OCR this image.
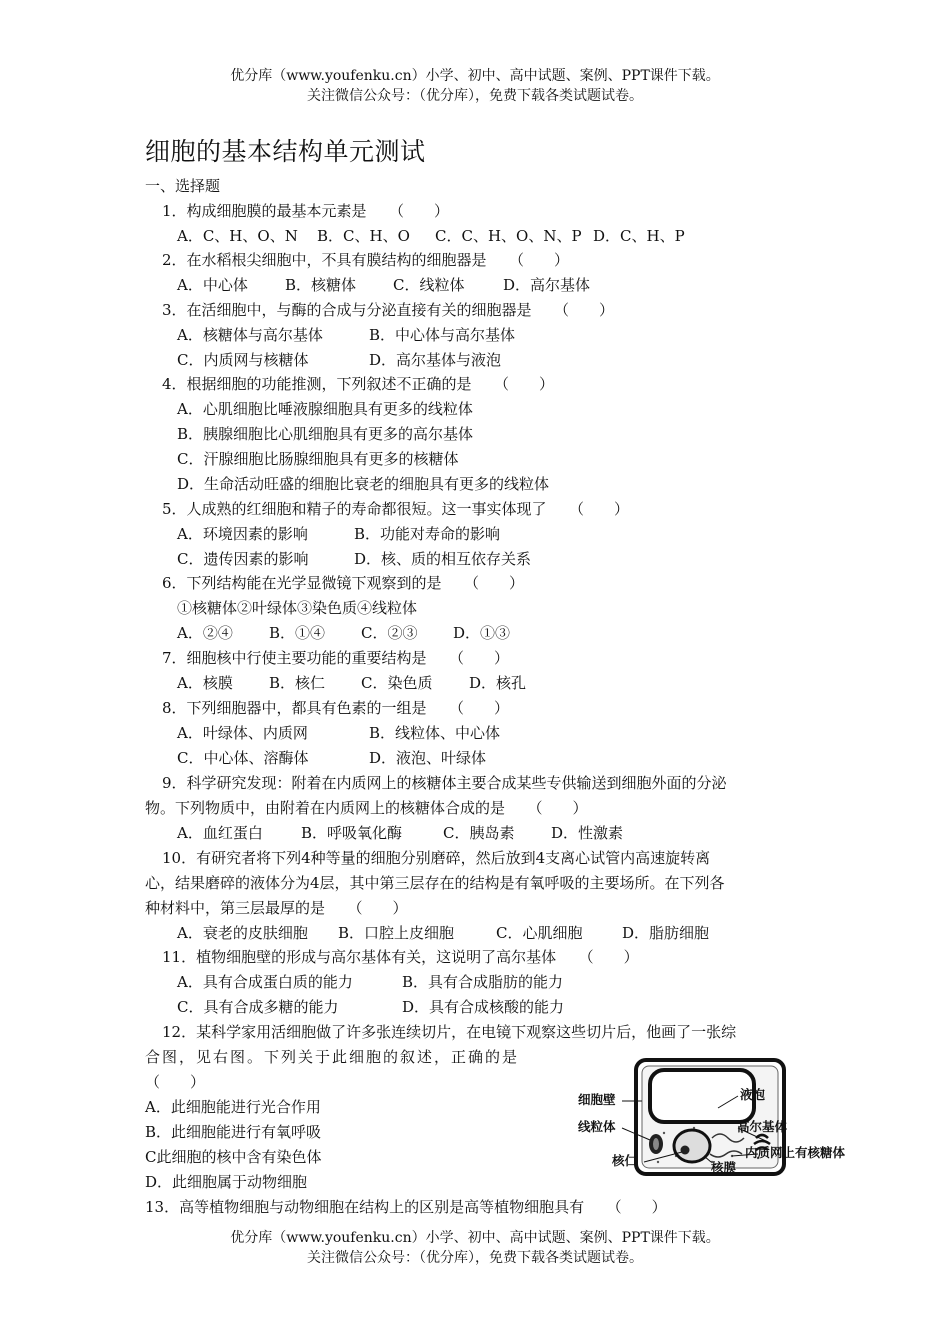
优分库（www.youfenku.cn）小学、初中、高中试题、案例、PPT课件下载。
关注微信公众号：（优分库），免费下载各类试题试卷。
细胞的基本结构单元测试
一、选择题
1．构成细胞膜的最基本元素是　　（　　）
A．C、H、O、N B．C、H、O C．C、H、O、N、P D．C、H、P
2．在水稻根尖细胞中，不具有膜结构的细胞器是　　（　　）
A．中心体 B．核糖体 C．线粒体	D．高尔基体
3．在活细胞中，与酶的合成与分泌直接有关的细胞器是　　（　　）
A．核糖体与高尔基体	B．中心体与高尔基体
C．内质网与核糖体	D．高尔基体与液泡
4．根据细胞的功能推测，下列叙述不正确的是　　（　　）
A．心肌细胞比唾液腺细胞具有更多的线粒体
B．胰腺细胞比心肌细胞具有更多的高尔基体
C．汗腺细胞比肠腺细胞具有更多的核糖体
D．生命活动旺盛的细胞比衰老的细胞具有更多的线粒体
5．人成熟的红细胞和精子的寿命都很短。这一事实体现了　　（　　）
A．环境因素的影响	B．功能对寿命的影响
C．遗传因素的影响	D．核、质的相互依存关系
6．下列结构能在光学显微镜下观察到的是　　（　　）
①核糖体②叶绿体③染色质④线粒体
A．②④ B．①④ C．②③ D．①③
7．细胞核中行使主要功能的重要结构是　　（　　）
A．核膜 B．核仁 C．染色质 D．核孔
8．下列细胞器中，都具有色素的一组是　　（　　）
A．叶绿体、内质网	B．线粒体、中心体
C．中心体、溶酶体	D．液泡、叶绿体
9．科学研究发现：附着在内质网上的核糖体主要合成某些专供输送到细胞外面的分泌
物。下列物质中，由附着在内质网上的核糖体合成的是　　（　　）
A．血红蛋白	B．呼吸氧化酶	C．胰岛素 D．性激素
10．有研究者将下列4种等量的细胞分别磨碎，然后放到4支离心试管内高速旋转离
心，结果磨碎的液体分为4层，其中第三层存在的结构是有氧呼吸的主要场所。在下列各
种材料中，第三层最厚的是　　（　　）
A．衰老的皮肤细胞 B．口腔上皮细胞	C．心肌细胞	D．脂肪细胞
11．植物细胞壁的形成与高尔基体有关，这说明了高尔基体　　（　　）
A．具有合成蛋白质的能力	B．具有合成脂肪的能力
C．具有合成多糖的能力	D．具有合成核酸的能力
12．某科学家用活细胞做了许多张连续切片，在电镜下观察这些切片后，他画了一张综
合图，见右图。下列关于此细胞的叙述，正确的是
（　　）
A．此细胞能进行光合作用
B．此细胞能进行有氧呼吸
C此细胞的核中含有染色体
D．此细胞属于动物细胞
细胞壁
线粒体
核仁
液泡
高尔基体
内质网上有核糖体
核膜
13．高等植物细胞与动物细胞在结构上的区别是高等植物细胞具有　　（　　）
优分库（www.youfenku.cn）小学、初中、高中试题、案例、PPT课件下载。
关注微信公众号：（优分库），免费下载各类试题试卷。
